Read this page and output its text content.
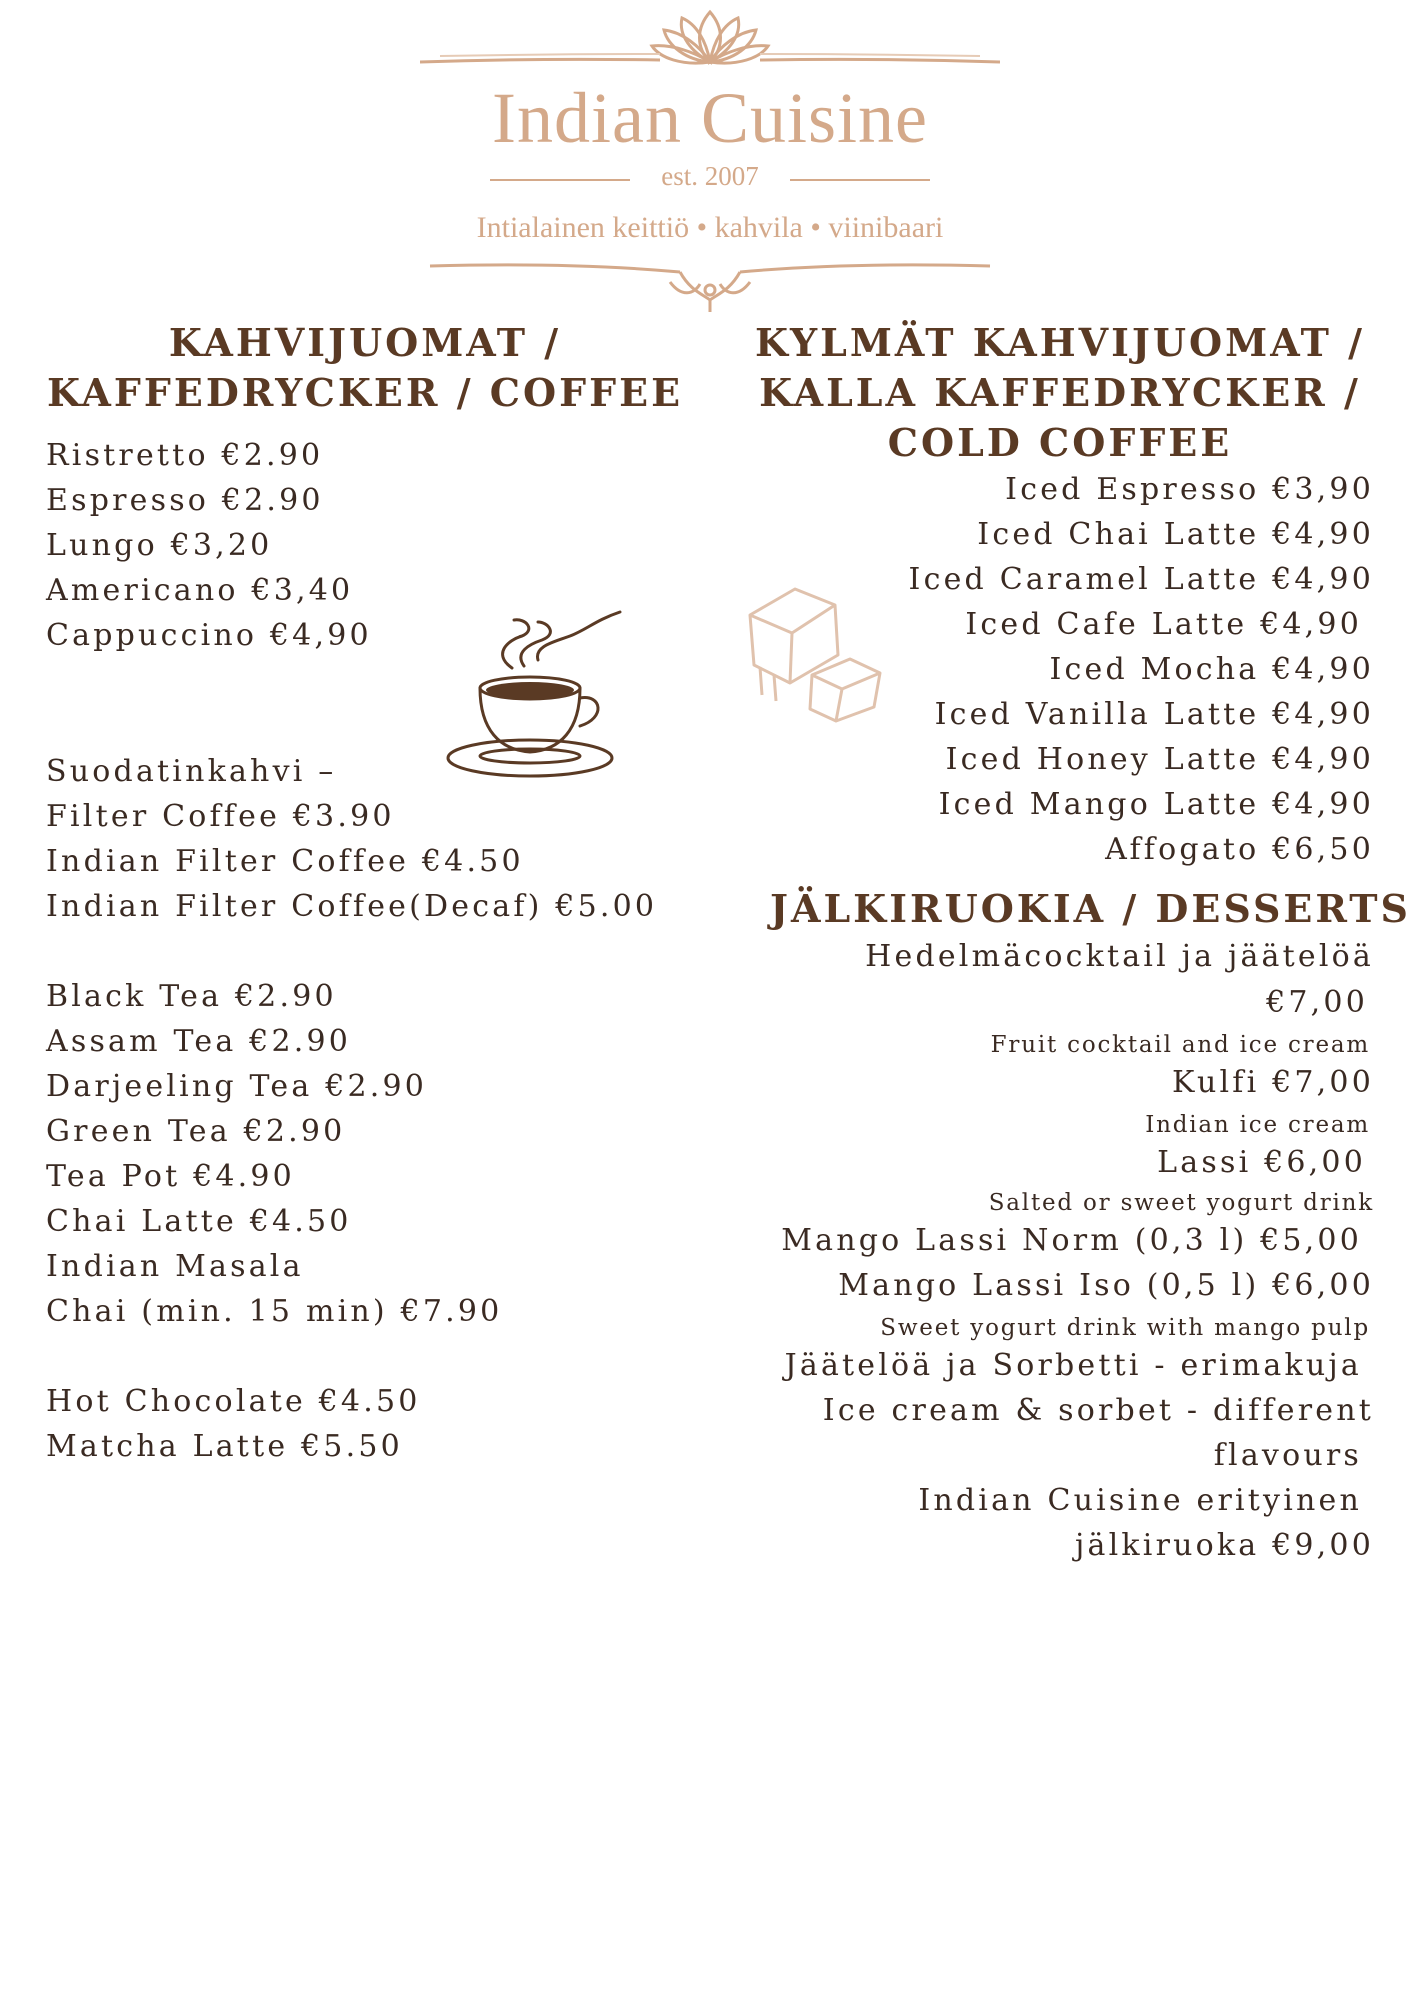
Indian Cuisine
est. 2007
Intialainen keittiö • kahvila • viinibaari
KAHVIJUOMAT /
KAFFEDRYCKER / COFFEE
Ristretto €2.90
Espresso €2.90
Lungo €3,20
Americano €3,40
Cappuccino €4,90
Suodatinkahvi –
Filter Coffee €3.90
Indian Filter Coffee €4.50
Indian Filter Coffee(Decaf) €5.00
Black Tea €2.90
Assam Tea €2.90
Darjeeling Tea €2.90
Green Tea €2.90
Tea Pot €4.90
Chai Latte €4.50
Indian Masala
Chai (min. 15 min) €7.90
Hot Chocolate €4.50
Matcha Latte €5.50
KYLMÄT KAHVIJUOMAT /
KALLA KAFFEDRYCKER /
COLD COFFEE
Iced Espresso €3,90
Iced Chai Latte €4,90
Iced Caramel Latte €4,90
Iced Cafe Latte €4,90
Iced Mocha €4,90
Iced Vanilla Latte €4,90
Iced Honey Latte €4,90
Iced Mango Latte €4,90
Affogato €6,50
JÄLKIRUOKIA / DESSERTS
Hedelmäcocktail ja jäätelöä
€7,00
Fruit cocktail and ice cream
Kulfi €7,00
Indian ice cream
Lassi €6,00
Salted or sweet yogurt drink
Mango Lassi Norm (0,3 l) €5,00
Mango Lassi Iso (0,5 l) €6,00
Sweet yogurt drink with mango pulp
Jäätelöä ja Sorbetti - erimakuja
Ice cream & sorbet - different
flavours
Indian Cuisine erityinen
jälkiruoka €9,00
